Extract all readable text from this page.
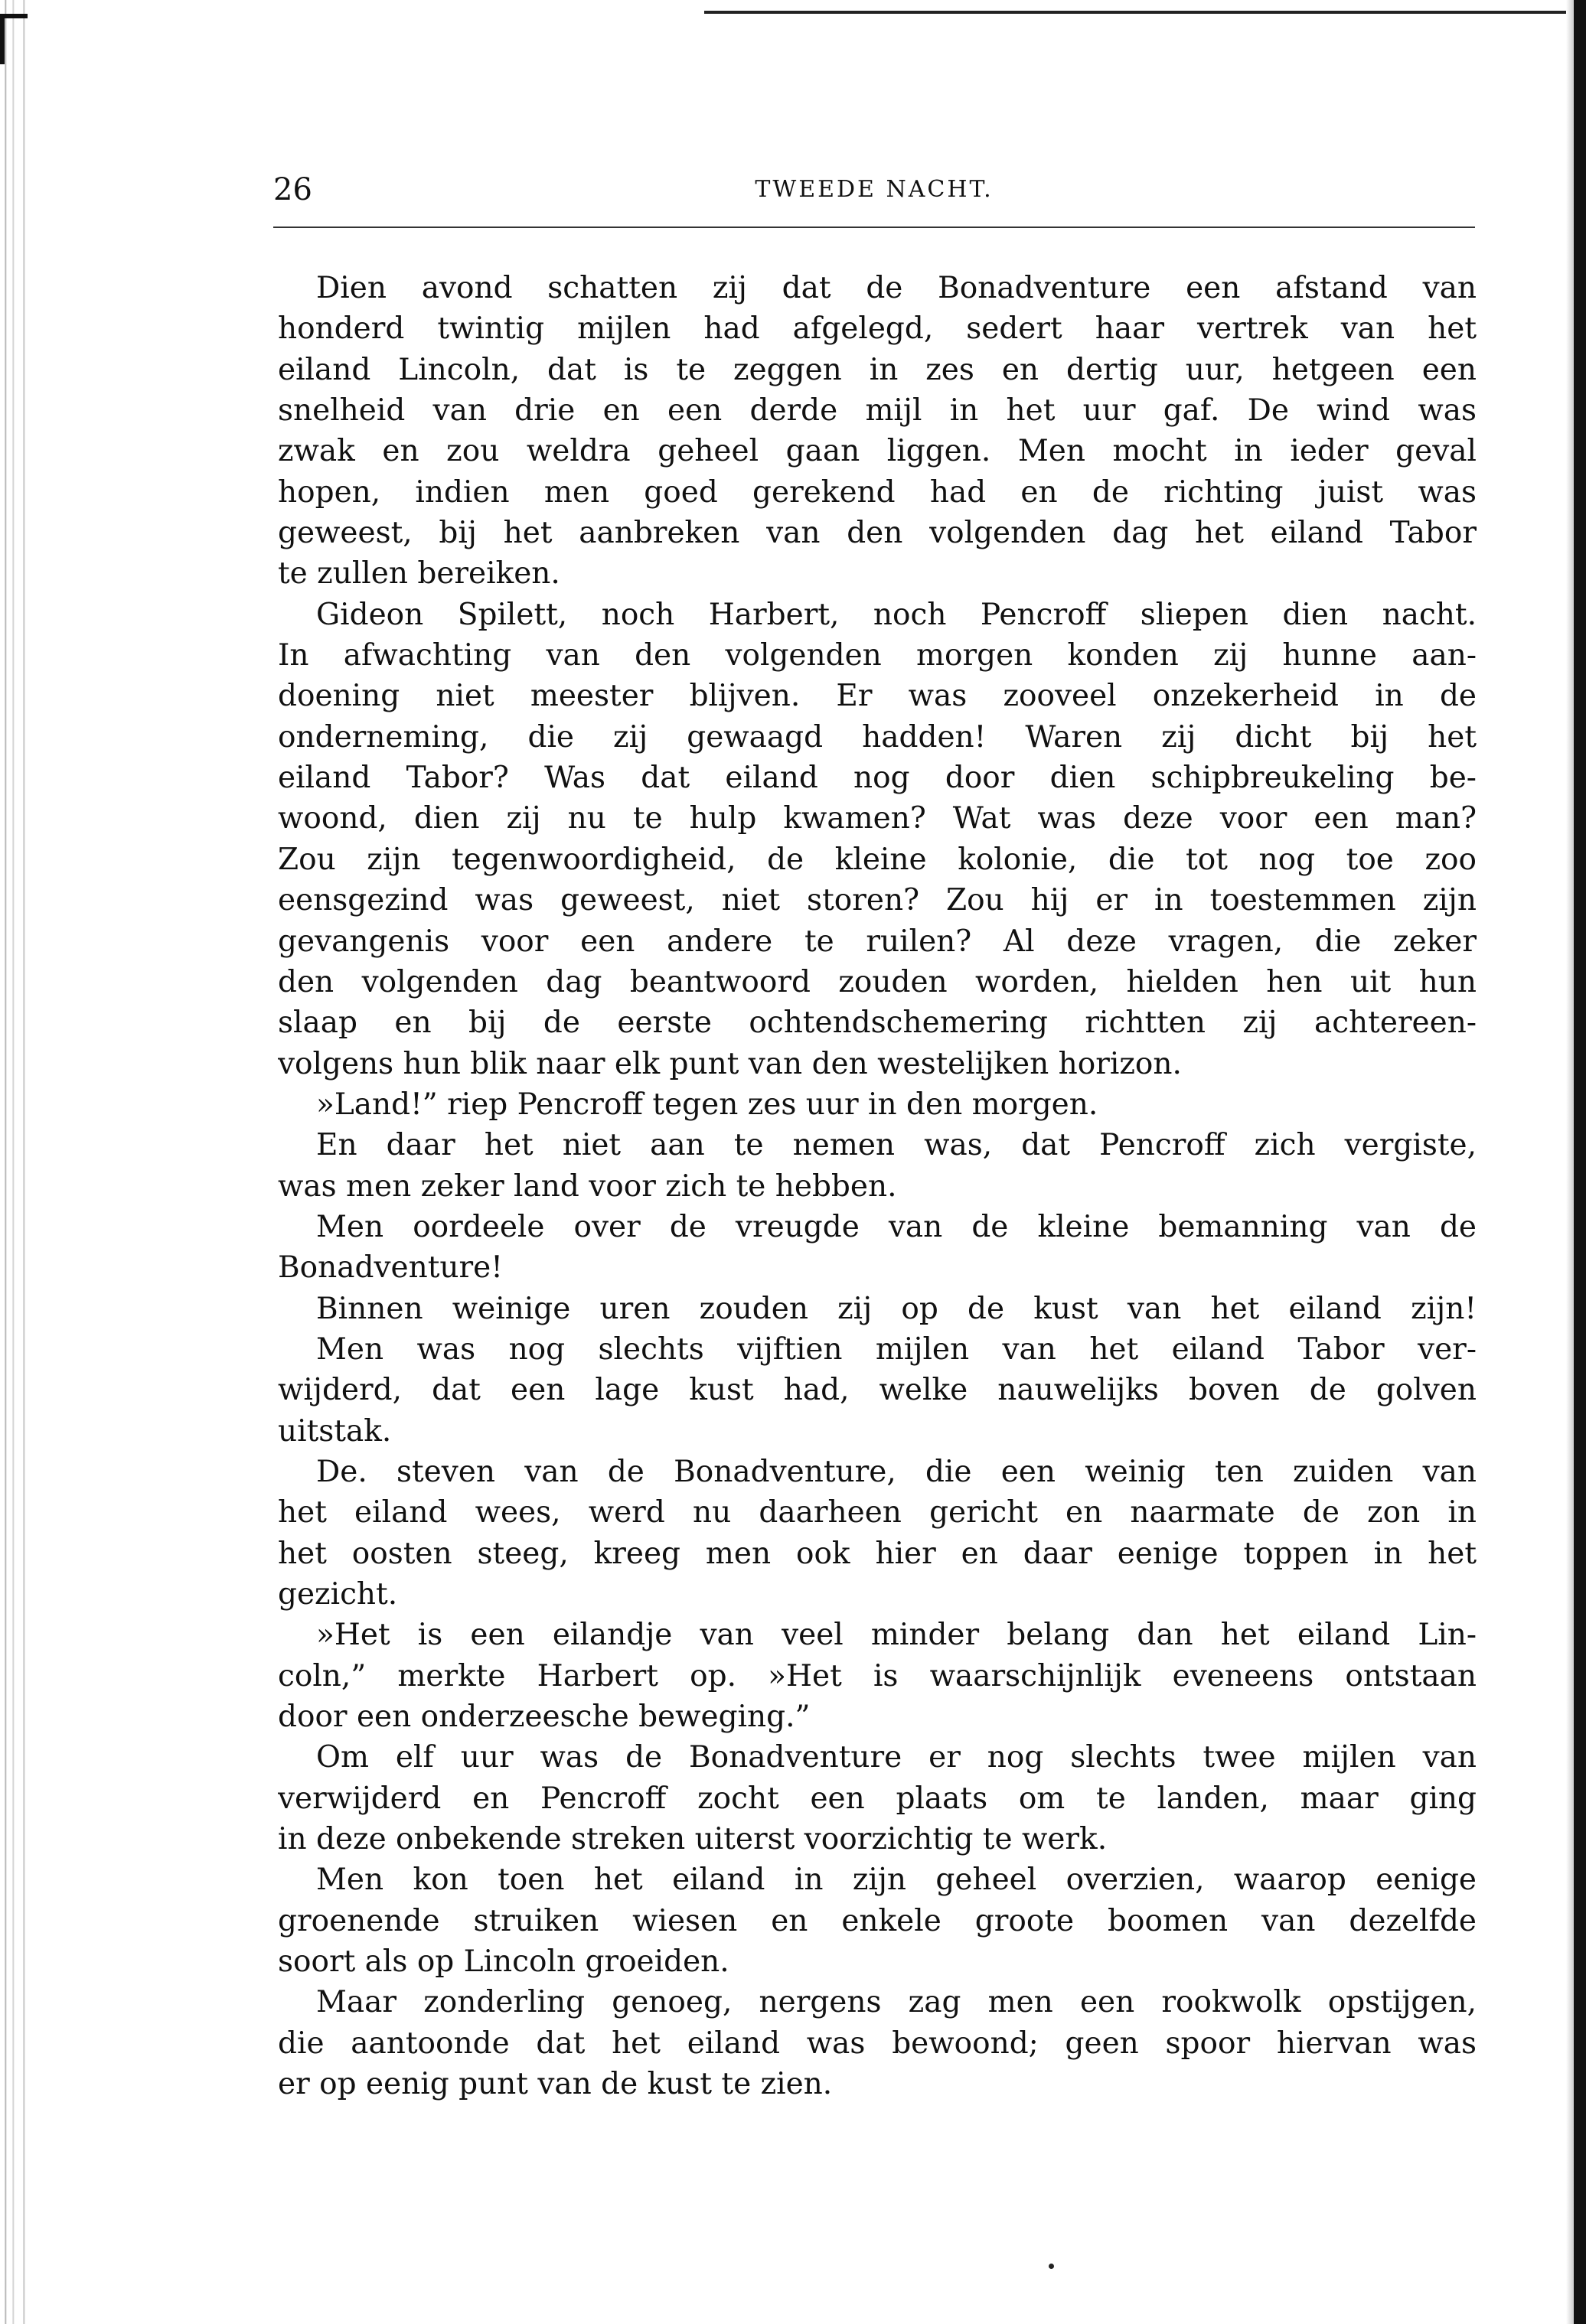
26	TWEEDE NACHT.
Dien avond schatten zij dat de Bonadventure een afstand van
honderd twintig mijlen had afgelegd, sedert haar vertrek van het
eiland Lincoln, dat is te zeggen in zes en dertig uur, hetgeen een
snelheid van drie en een derde mijl in het uur gaf. De wind was
zwak en zou weldra geheel gaan liggen. Men mocht in ieder geval
hopen, indien men goed gerekend had en de richting juist was
geweest, bij het aanbreken van den volgenden dag het eiland Tabor
te zullen bereiken.
Gideon Spilett, noch Harbert, noch Pencroff sliepen dien nacht.
In afwachting van den volgenden morgen konden zij hunne aan-
doening niet meester blijven. Er was zooveel onzekerheid in de
onderneming, die zij gewaagd hadden! Waren zij dicht bij het
eiland Tabor? Was dat eiland nog door dien schipbreukeling be-
woond, dien zij nu te hulp kwamen? Wat was deze voor een man?
Zou zijn tegenwoordigheid, de kleine kolonie, die tot nog toe zoo
eensgezind was geweest, niet storen? Zou hij er in toestemmen zijn
gevangenis voor een andere te ruilen? Al deze vragen, die zeker
den volgenden dag beantwoord zouden worden, hielden hen uit hun
slaap en bij de eerste ochtendschemering richtten zij achtereen-
volgens hun blik naar elk punt van den westelijken horizon.
»Land!” riep Pencroff tegen zes uur in den morgen.
En daar het niet aan te nemen was, dat Pencroff zich vergiste,
was men zeker land voor zich te hebben.
Men oordeele over de vreugde van de kleine bemanning van de
Bonadventure!
Binnen weinige uren zouden zij op de kust van het eiland zijn!
Men was nog slechts vijftien mijlen van het eiland Tabor ver-
wijderd, dat een lage kust had, welke nauwelijks boven de golven
uitstak.
De. steven van de Bonadventure, die een weinig ten zuiden van
het eiland wees, werd nu daarheen gericht en naarmate de zon in
het oosten steeg, kreeg men ook hier en daar eenige toppen in het
gezicht.
»Het is een eilandje van veel minder belang dan het eiland Lin-
coln,” merkte Harbert op. »Het is waarschijnlijk eveneens ontstaan
door een onderzeesche beweging.”
Om elf uur was de Bonadventure er nog slechts twee mijlen van
verwijderd en Pencroff zocht een plaats om te landen, maar ging
in deze onbekende streken uiterst voorzichtig te werk.
Men kon toen het eiland in zijn geheel overzien, waarop eenige
groenende struiken wiesen en enkele groote boomen van dezelfde
soort als op Lincoln groeiden.
Maar zonderling genoeg, nergens zag men een rookwolk opstijgen,
die aantoonde dat het eiland was bewoond; geen spoor hiervan was
er op eenig punt van de kust te zien.
